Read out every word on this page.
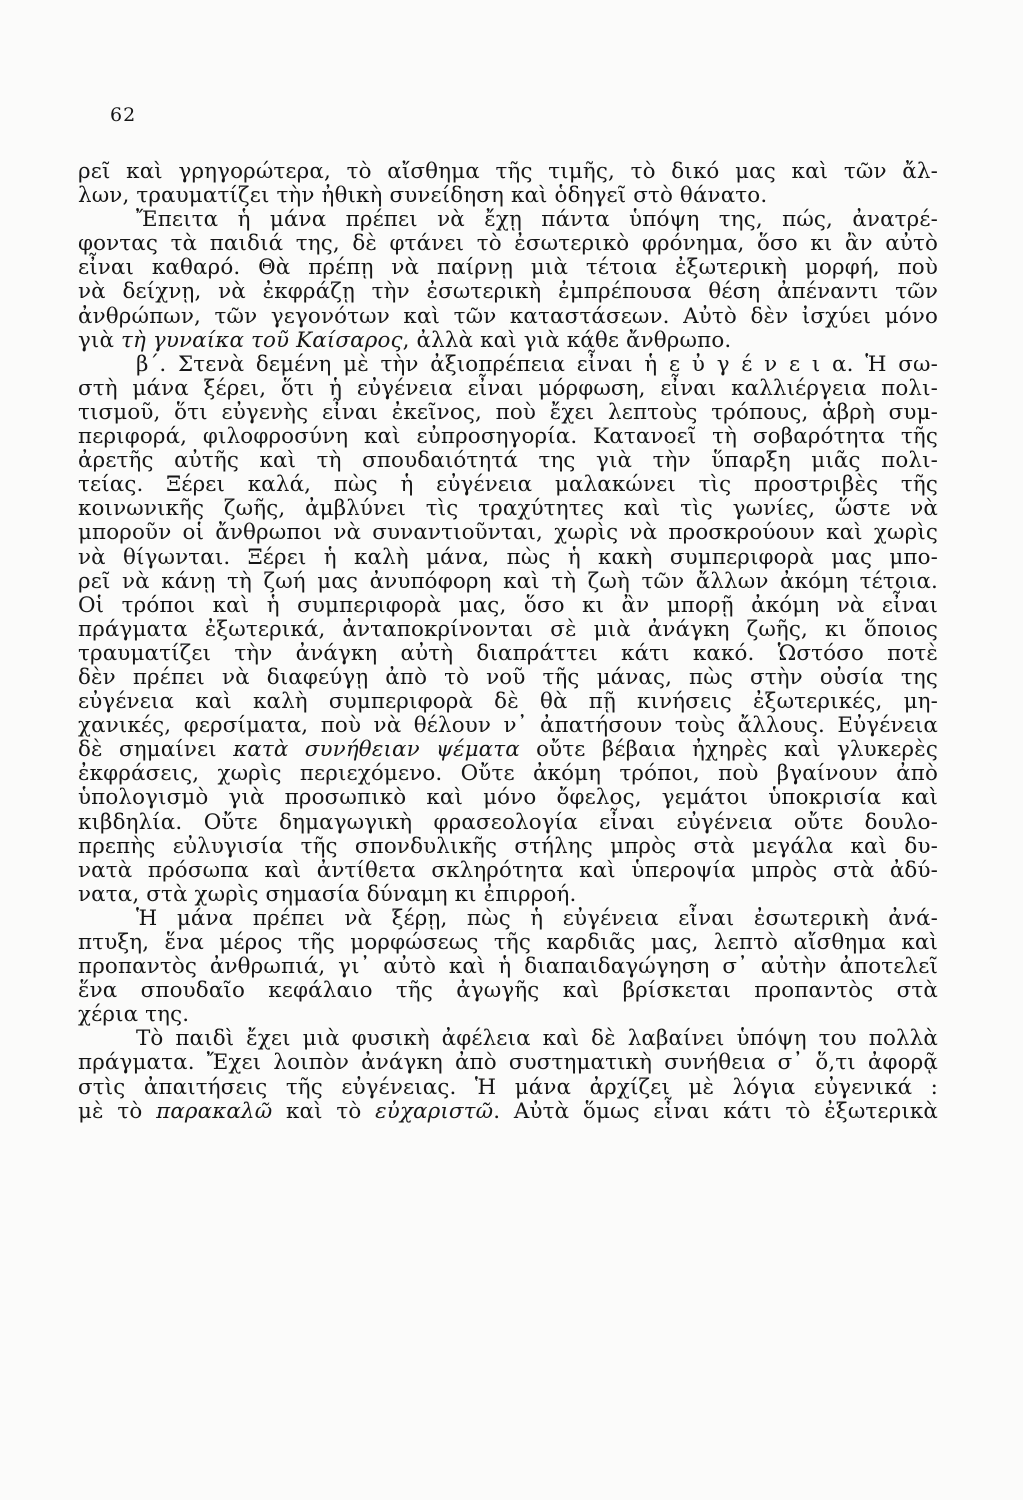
62
ρεῖ καὶ γρηγορώτερα, τὸ αἴσθημα τῆς τιμῆς, τὸ δικό μας καὶ τῶν ἄλ-
λων, τραυματίζει τὴν ἠθικὴ συνείδηση καὶ ὁδηγεῖ στὸ θάνατο.
Ἔπειτα ἡ μάνα πρέπει νὰ ἔχῃ πάντα ὑπόψη της, πώς, ἀνατρέ-
φοντας τὰ παιδιά της, δὲ φτάνει τὸ ἐσωτερικὸ φρόνημα, ὅσο κι ἂν αὐτὸ
εἶναι καθαρό. Θὰ πρέπῃ νὰ παίρνῃ μιὰ τέτοια ἐξωτερικὴ μορφή, ποὺ
νὰ δείχνῃ, νὰ ἐκφράζῃ τὴν ἐσωτερικὴ ἐμπρέπουσα θέση ἀπέναντι τῶν
ἀνθρώπων, τῶν γεγονότων καὶ τῶν καταστάσεων. Αὐτὸ δὲν ἰσχύει μόνο
γιὰ τὴ γυναίκα τοῦ Καίσαρος, ἀλλὰ καὶ γιὰ κάθε ἄνθρωπο.
β΄. Στενὰ δεμένη μὲ τὴν ἀξιοπρέπεια εἶναι ἡ ε ὐ γ έ ν ε ι α. Ἡ σω-
στὴ μάνα ξέρει, ὅτι ἡ εὐγένεια εἶναι μόρφωση, εἶναι καλλιέργεια πολι-
τισμοῦ, ὅτι εὐγενὴς εἶναι ἐκεῖνος, ποὺ ἔχει λεπτοὺς τρόπους, ἁβρὴ συμ-
περιφορά, φιλοφροσύνη καὶ εὐπροσηγορία. Κατανοεῖ τὴ σοβαρότητα τῆς
ἀρετῆς αὐτῆς καὶ τὴ σπουδαιότητά της γιὰ τὴν ὕπαρξη μιᾶς πολι-
τείας. Ξέρει καλά, πὼς ἡ εὐγένεια μαλακώνει τὶς προστριβὲς τῆς
κοινωνικῆς ζωῆς, ἀμβλύνει τὶς τραχύτητες καὶ τὶς γωνίες, ὥστε νὰ
μποροῦν οἱ ἄνθρωποι νὰ συναντιοῦνται, χωρὶς νὰ προσκρούουν καὶ χωρὶς
νὰ θίγωνται. Ξέρει ἡ καλὴ μάνα, πὼς ἡ κακὴ συμπεριφορὰ μας μπο-
ρεῖ νὰ κάνῃ τὴ ζωή μας ἀνυπόφορη καὶ τὴ ζωὴ τῶν ἄλλων ἀκόμη τέτοια.
Οἱ τρόποι καὶ ἡ συμπεριφορὰ μας, ὅσο κι ἂν μπορῇ ἀκόμη νὰ εἶναι
πράγματα ἐξωτερικά, ἀνταποκρίνονται σὲ μιὰ ἀνάγκη ζωῆς, κι ὅποιος
τραυματίζει τὴν ἀνάγκη αὐτὴ διαπράττει κάτι κακό. Ὡστόσο ποτὲ
δὲν πρέπει νὰ διαφεύγῃ ἀπὸ τὸ νοῦ τῆς μάνας, πὼς στὴν οὐσία της
εὐγένεια καὶ καλὴ συμπεριφορὰ δὲ θὰ πῇ κινήσεις ἐξωτερικές, μη-
χανικές, φερσίματα, ποὺ νὰ θέλουν ν᾽ ἀπατήσουν τοὺς ἄλλους. Εὐγένεια
δὲ σημαίνει κατὰ συνήθειαν ψέματα οὔτε βέβαια ἠχηρὲς καὶ γλυκερὲς
ἐκφράσεις, χωρὶς περιεχόμενο. Οὔτε ἀκόμη τρόποι, ποὺ βγαίνουν ἀπὸ
ὑπολογισμὸ γιὰ προσωπικὸ καὶ μόνο ὄφελος, γεμάτοι ὑποκρισία καὶ
κιβδηλία. Οὔτε δημαγωγικὴ φρασεολογία εἶναι εὐγένεια οὔτε δουλο-
πρεπὴς εὐλυγισία τῆς σπονδυλικῆς στήλης μπρὸς στὰ μεγάλα καὶ δυ-
νατὰ πρόσωπα καὶ ἀντίθετα σκληρότητα καὶ ὑπεροψία μπρὸς στὰ ἀδύ-
νατα, στὰ χωρὶς σημασία δύναμη κι ἐπιρροή.
Ἡ μάνα πρέπει νὰ ξέρῃ, πὼς ἡ εὐγένεια εἶναι ἐσωτερικὴ ἀνά-
πτυξη, ἕνα μέρος τῆς μορφώσεως τῆς καρδιᾶς μας, λεπτὸ αἴσθημα καὶ
προπαντὸς ἀνθρωπιά, γι᾽ αὐτὸ καὶ ἡ διαπαιδαγώγηση σ᾽ αὐτὴν ἀποτελεῖ
ἕνα σπουδαῖο κεφάλαιο τῆς ἀγωγῆς καὶ βρίσκεται προπαντὸς στὰ
χέρια της.
Τὸ παιδὶ ἔχει μιὰ φυσικὴ ἀφέλεια καὶ δὲ λαβαίνει ὑπόψη του πολλὰ
πράγματα. Ἔχει λοιπὸν ἀνάγκη ἀπὸ συστηματικὴ συνήθεια σ᾽ ὅ,τι ἀφορᾷ
στὶς ἀπαιτήσεις τῆς εὐγένειας. Ἡ μάνα ἀρχίζει μὲ λόγια εὐγενικά :
μὲ τὸ παρακαλῶ καὶ τὸ εὐχαριστῶ. Αὐτὰ ὅμως εἶναι κάτι τὸ ἐξωτερικὰ
